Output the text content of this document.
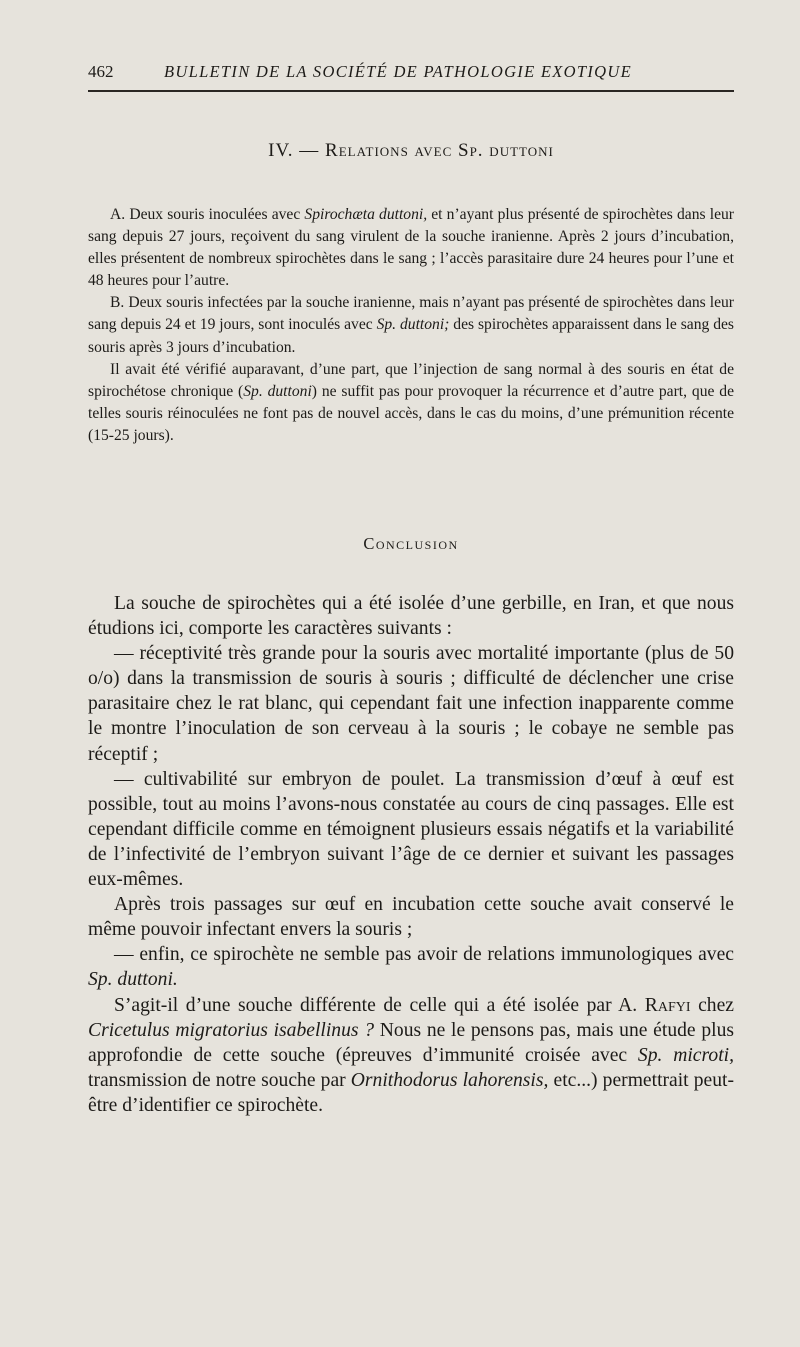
462	BULLETIN DE LA SOCIÉTÉ DE PATHOLOGIE EXOTIQUE
IV. — Relations avec Sp. duttoni

A. Deux souris inoculées avec Spirochæta duttoni, et n’ayant plus présenté de spirochètes dans leur sang depuis 27 jours, reçoivent du sang virulent de la souche iranienne. Après 2 jours d’incubation, elles présentent de nombreux spirochètes dans le sang ; l’accès parasitaire dure 24 heures pour l’une et 48 heures pour l’autre.

B. Deux souris infectées par la souche iranienne, mais n’ayant pas présenté de spirochètes dans leur sang depuis 24 et 19 jours, sont inoculés avec Sp. duttoni; des spirochètes apparaissent dans le sang des souris après 3 jours d’incubation.

Il avait été vérifié auparavant, d’une part, que l’injection de sang normal à des souris en état de spirochétose chronique (Sp. duttoni) ne suffit pas pour provoquer la récurrence et d’autre part, que de telles souris réinoculées ne font pas de nouvel accès, dans le cas du moins, d’une prémunition récente (15-25 jours).

Conclusion

La souche de spirochètes qui a été isolée d’une gerbille, en Iran, et que nous étudions ici, comporte les caractères suivants :

— réceptivité très grande pour la souris avec mortalité importante (plus de 50 o/o) dans la transmission de souris à souris ; difficulté de déclencher une crise parasitaire chez le rat blanc, qui cependant fait une infection inapparente comme le montre l’inoculation de son cerveau à la souris ; le cobaye ne semble pas réceptif ;

— cultivabilité sur embryon de poulet. La transmission d’œuf à œuf est possible, tout au moins l’avons-nous constatée au cours de cinq passages. Elle est cependant difficile comme en témoignent plusieurs essais négatifs et la variabilité de l’infectivité de l’embryon suivant l’âge de ce dernier et suivant les passages eux-mêmes.

Après trois passages sur œuf en incubation cette souche avait conservé le même pouvoir infectant envers la souris ;

— enfin, ce spirochète ne semble pas avoir de relations immunologiques avec Sp. duttoni.

S’agit-il d’une souche différente de celle qui a été isolée par A. Rafyi chez Cricetulus migratorius isabellinus ? Nous ne le pensons pas, mais une étude plus approfondie de cette souche (épreuves d’immunité croisée avec Sp. microti, transmission de notre souche par Ornithodorus lahorensis, etc...) permettrait peut-être d’identifier ce spirochète.
